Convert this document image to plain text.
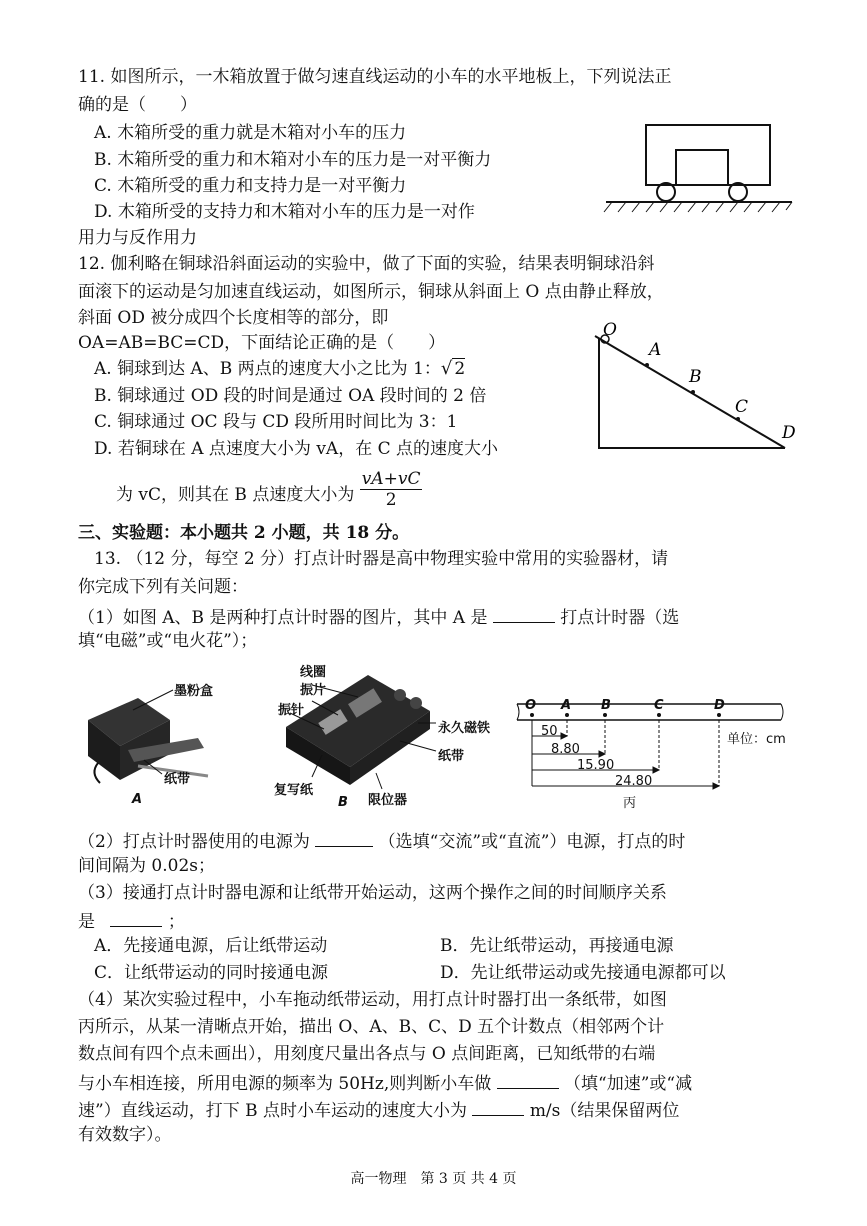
11. 如图所示，一木箱放置于做匀速直线运动的小车的水平地板上，下列说法正
确的是（　　）
A. 木箱所受的重力就是木箱对小车的压力
B. 木箱所受的重力和木箱对小车的压力是一对平衡力
C. 木箱所受的重力和支持力是一对平衡力
D. 木箱所受的支持力和木箱对小车的压力是一对作
用力与反作用力
12. 伽利略在铜球沿斜面运动的实验中，做了下面的实验，结果表明铜球沿斜
面滚下的运动是匀加速直线运动，如图所示，铜球从斜面上 O 点由静止释放，
斜面 OD 被分成四个长度相等的部分，即
OA=AB=BC=CD，下面结论正确的是（　　）
A. 铜球到达 A、B 两点的速度大小之比为 1：√ 2
B. 铜球通过 OD 段的时间是通过 OA 段时间的 2 倍
C. 铜球通过 OC 段与 CD 段所用时间比为 3：1
D. 若铜球在 A 点速度大小为 vA，在 C 点的速度大小
为 vC，则其在 B 点速度大小为 $\frac{vA+vC}{2}$
O
A
B
C
D
三、实验题：本小题共 2 小题，共 18 分。
13. （12 分，每空 2 分）打点计时器是高中物理实验中常用的实验器材，请
你完成下列有关问题：
（1）如图 A、B 是两种打点计时器的图片，其中 A 是	打点计时器（选
填“电磁”或“电火花”）；
墨粉盒
纸带
A
线圈
振片
振针
永久磁铁
纸带
复写纸
限位器
B
O A B	C	D
50
8.80
15.90
24.80
单位：cm
丙
（2）打点计时器使用的电源为	（选填“交流”或“直流”）电源，打点的时
间间隔为 0.02s；
（3）接通打点计时器电源和让纸带开始运动，这两个操作之间的时间顺序关系
是	；
A．先接通电源，后让纸带运动	B．先让纸带运动，再接通电源
C．让纸带运动的同时接通电源	D．先让纸带运动或先接通电源都可以
（4）某次实验过程中，小车拖动纸带运动，用打点计时器打出一条纸带，如图
丙所示，从某一清晰点开始，描出 O、A、B、C、D 五个计数点（相邻两个计
数点间有四个点未画出），用刻度尺量出各点与 O 点间距离，已知纸带的右端
与小车相连接，所用电源的频率为 50Hz,则判断小车做	（填“加速”或“减
速”）直线运动，打下 B 点时小车运动的速度大小为	m/s（结果保留两位
有效数字）。
高一物理　第 3 页 共 4 页
